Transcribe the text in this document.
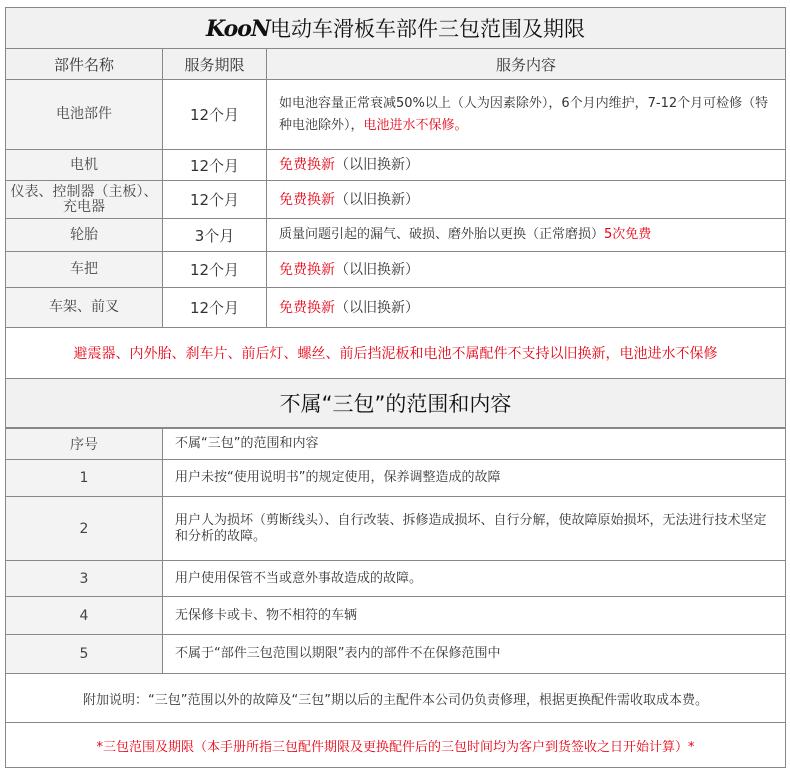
KooN电动车滑板车部件三包范围及期限		
部件名称	服务期限	服务内容
电池部件	12个月	如电池容量正常衰减50%以上（人为因素除外），6个月内维护，7-12个月可检修（特种电池除外），电池进水不保修。
电机	12个月	免费换新（以旧换新）
仪表、控制器（主板）、充电器	12个月	免费换新（以旧换新）
轮胎	3个月	质量问题引起的漏气、破损、磨外胎以更换（正常磨损）5次免费
车把	12个月	免费换新（以旧换新）
车架、前叉	12个月	免费换新（以旧换新）
避震器、内外胎、刹车片、前后灯、螺丝、前后挡泥板和电池不属配件不支持以旧换新，电池进水不保修		
不属“三包”的范围和内容		
序号	不属“三包”的范围和内容
1	用户未按“使用说明书”的规定使用，保养调整造成的故障
2	用户人为损坏（剪断线头）、自行改装、拆修造成损坏、自行分解，使故障原始损坏，无法进行技术坚定和分析的故障。
3	用户使用保管不当或意外事故造成的故障。
4	无保修卡或卡、物不相符的车辆
5	不属于“部件三包范围以期限”表内的部件不在保修范围中
附加说明：“三包”范围以外的故障及“三包”期以后的主配件本公司仍负责修理，根据更换配件需收取成本费。	
*三包范围及期限（本手册所指三包配件期限及更换配件后的三包时间均为客户到货签收之日开始计算）*	
